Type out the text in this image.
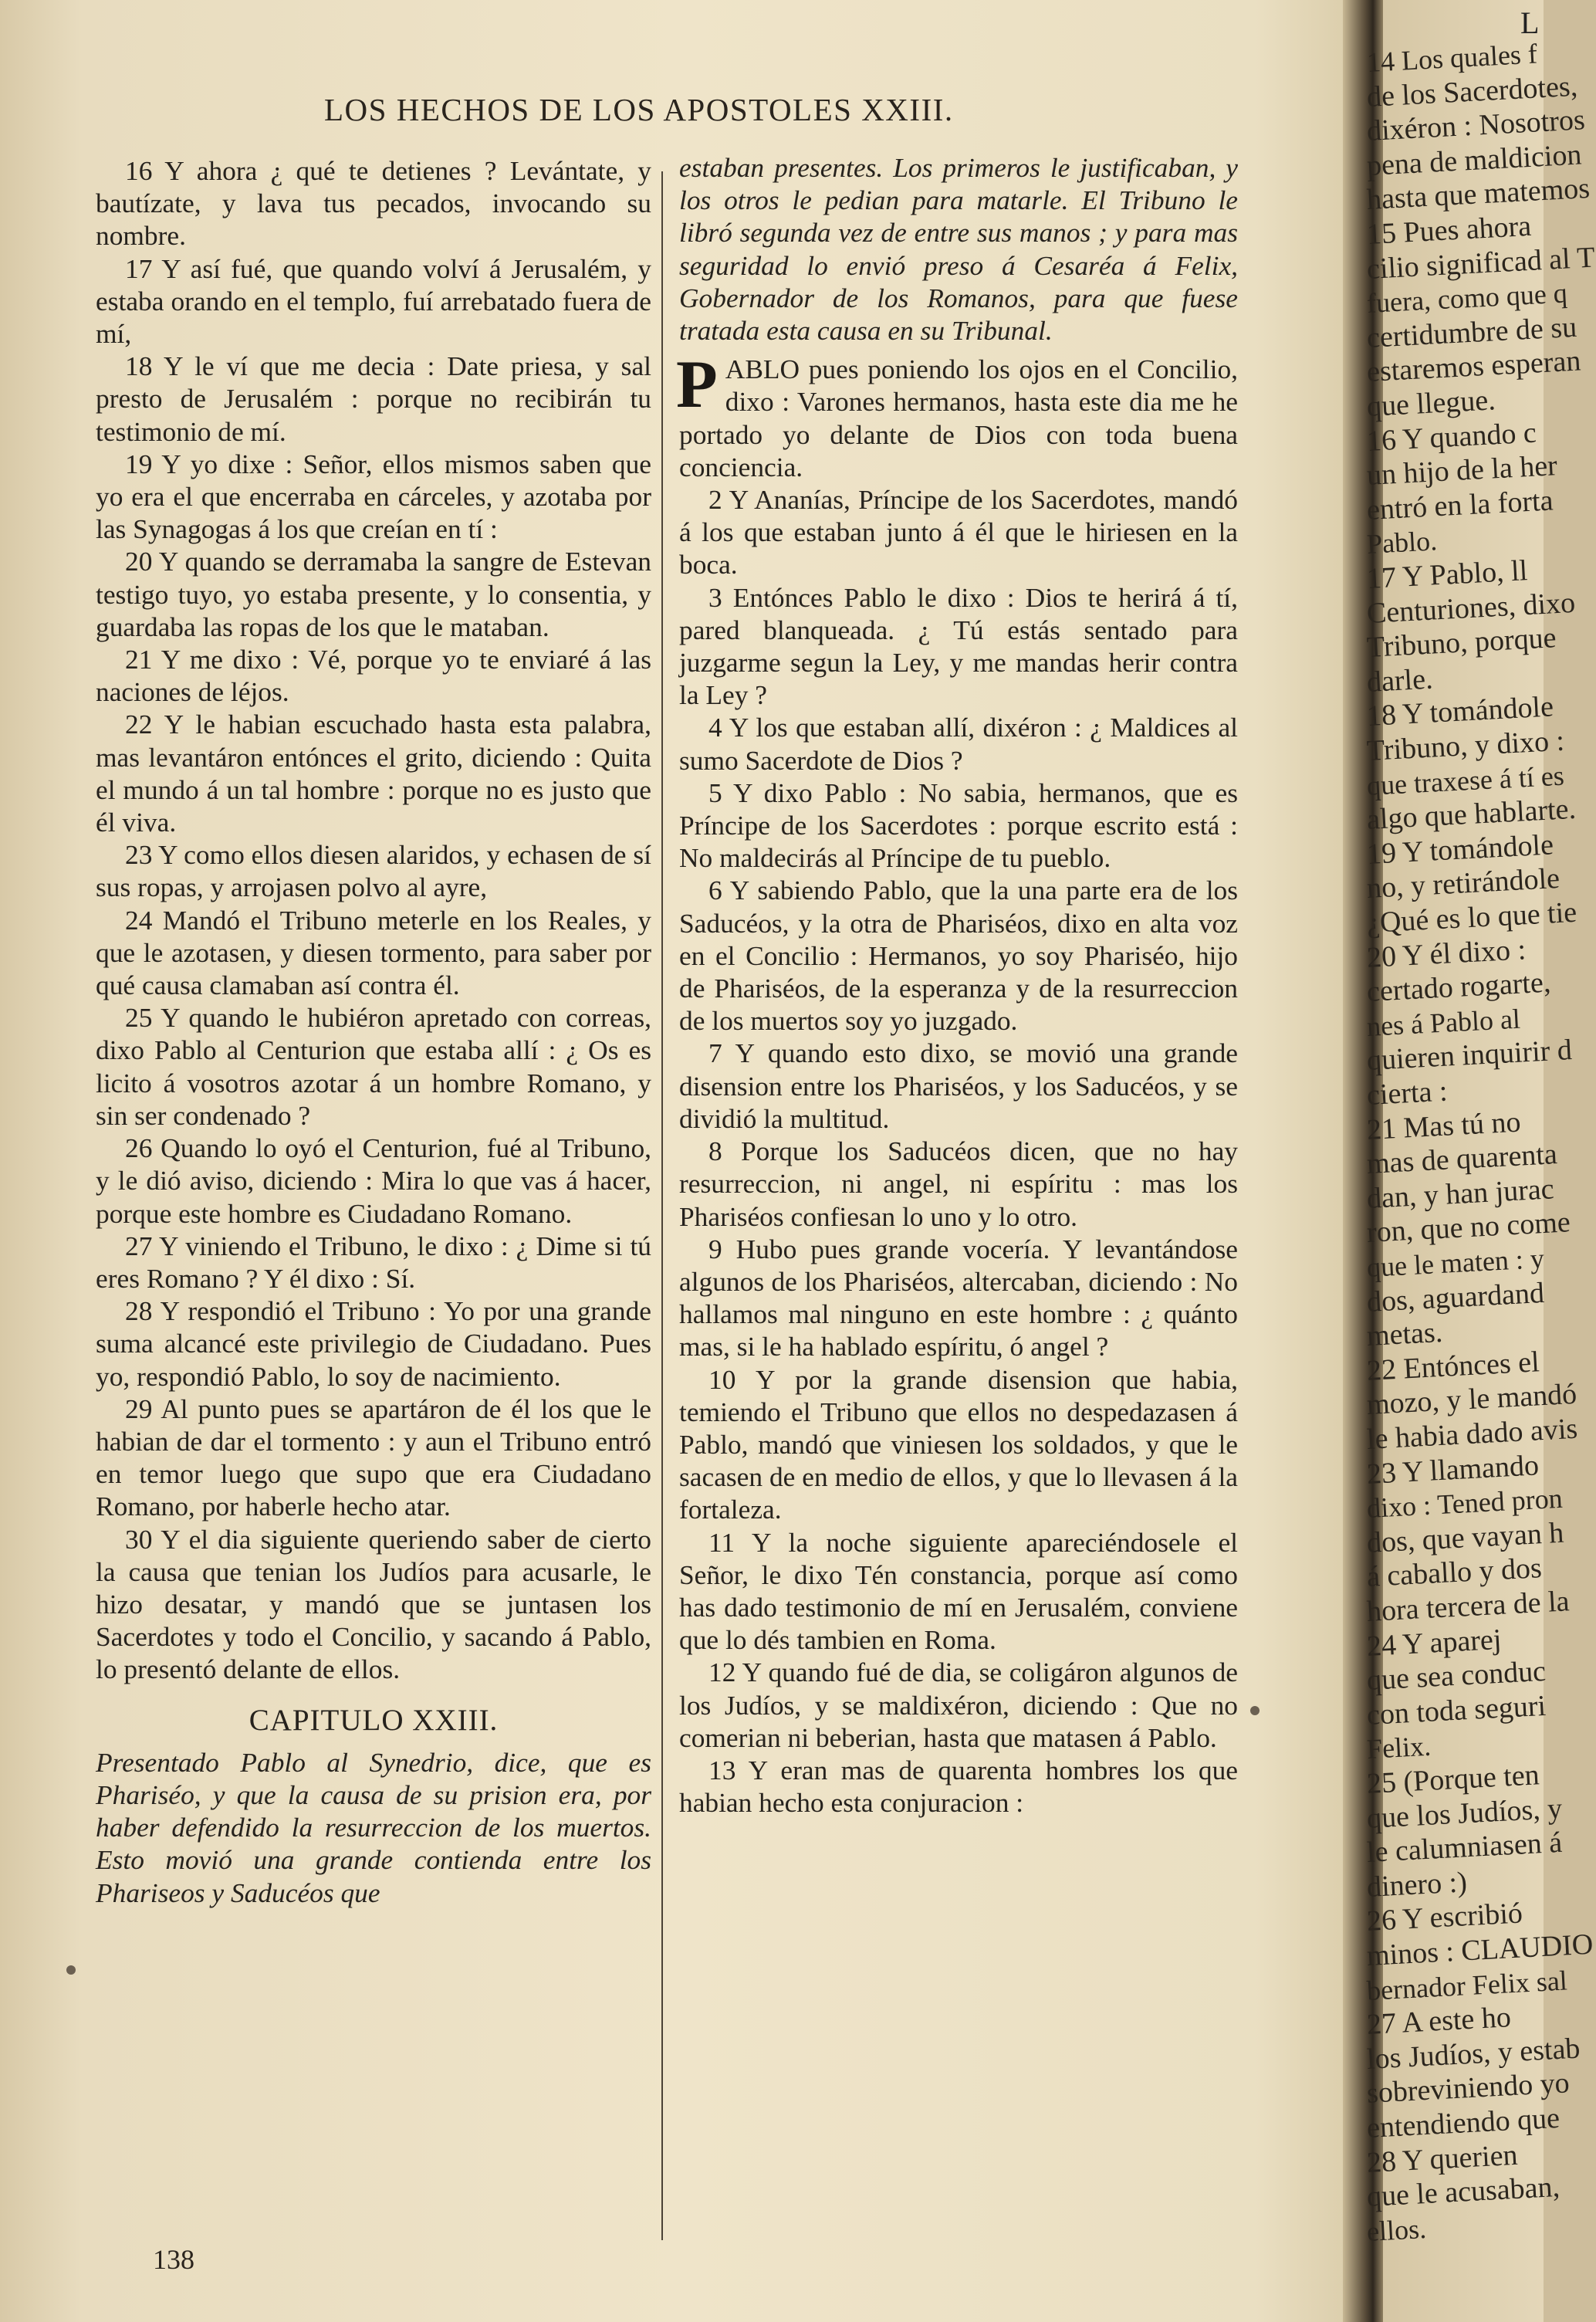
LOS HECHOS DE LOS APOSTOLES XXIII.

16 Y ahora ¿ qué te detienes ? Levántate, y bautízate, y lava tus pecados, invocando su nombre.

17 Y así fué, que quando volví á Jerusalém, y estaba orando en el templo, fuí arrebatado fuera de mí,

18 Y le ví que me decia : Date priesa, y sal presto de Jerusalém : porque no recibirán tu testimonio de mí.

19 Y yo dixe : Señor, ellos mismos saben que yo era el que encerraba en cárceles, y azotaba por las Synagogas á los que creían en tí :

20 Y quando se derramaba la sangre de Estevan testigo tuyo, yo estaba presente, y lo consentia, y guardaba las ropas de los que le mataban.

21 Y me dixo : Vé, porque yo te enviaré á las naciones de léjos.

22 Y le habian escuchado hasta esta palabra, mas levantáron entónces el grito, diciendo : Quita el mundo á un tal hombre : porque no es justo que él viva.

23 Y como ellos diesen alaridos, y echasen de sí sus ropas, y arrojasen polvo al ayre,

24 Mandó el Tribuno meterle en los Reales, y que le azotasen, y diesen tormento, para saber por qué causa clamaban así contra él.

25 Y quando le hubiéron apretado con correas, dixo Pablo al Centurion que estaba allí : ¿ Os es licito á vosotros azotar á un hombre Romano, y sin ser condenado ?

26 Quando lo oyó el Centurion, fué al Tribuno, y le dió aviso, diciendo : Mira lo que vas á hacer, porque este hombre es Ciudadano Romano.

27 Y viniendo el Tribuno, le dixo : ¿ Dime si tú eres Romano ? Y él dixo : Sí.

28 Y respondió el Tribuno : Yo por una grande suma alcancé este privilegio de Ciudadano. Pues yo, respondió Pablo, lo soy de nacimiento.

29 Al punto pues se apartáron de él los que le habian de dar el tormento : y aun el Tribuno entró en temor luego que supo que era Ciudadano Romano, por haberle hecho atar.

30 Y el dia siguiente queriendo saber de cierto la causa que tenian los Judíos para acusarle, le hizo desatar, y mandó que se juntasen los Sacerdotes y todo el Concilio, y sacando á Pablo, lo presentó delante de ellos.

CAPITULO XXIII.

Presentado Pablo al Synedrio, dice, que es Phariséo, y que la causa de su prision era, por haber defendido la resurreccion de los muertos. Esto movió una grande contienda entre los Phariseos y Saducéos que

estaban presentes. Los primeros le justificaban, y los otros le pedian para matarle. El Tribuno le libró segunda vez de entre sus manos ; y para mas seguridad lo envió preso á Cesaréa á Felix, Gobernador de los Romanos, para que fuese tratada esta causa en su Tribunal.

PABLO pues poniendo los ojos en el Concilio, dixo : Varones hermanos, hasta este dia me he portado yo delante de Dios con toda buena conciencia.

2 Y Ananías, Príncipe de los Sacerdotes, mandó á los que estaban junto á él que le hiriesen en la boca.

3 Entónces Pablo le dixo : Dios te herirá á tí, pared blanqueada. ¿ Tú estás sentado para juzgarme segun la Ley, y me mandas herir contra la Ley ?

4 Y los que estaban allí, dixéron : ¿ Maldices al sumo Sacerdote de Dios ?

5 Y dixo Pablo : No sabia, hermanos, que es Príncipe de los Sacerdotes : porque escrito está : No maldecirás al Príncipe de tu pueblo.

6 Y sabiendo Pablo, que la una parte era de los Saducéos, y la otra de Phariséos, dixo en alta voz en el Concilio : Hermanos, yo soy Phariséo, hijo de Phariséos, de la esperanza y de la resurreccion de los muertos soy yo juzgado.

7 Y quando esto dixo, se movió una grande disension entre los Phariséos, y los Saducéos, y se dividió la multitud.

8 Porque los Saducéos dicen, que no hay resurreccion, ni angel, ni espíritu : mas los Phariséos confiesan lo uno y lo otro.

9 Hubo pues grande vocería. Y levantándose algunos de los Phariséos, altercaban, diciendo : No hallamos mal ninguno en este hombre : ¿ quánto mas, si le ha hablado espíritu, ó angel ?

10 Y por la grande disension que habia, temiendo el Tribuno que ellos no despedazasen á Pablo, mandó que viniesen los soldados, y que le sacasen de en medio de ellos, y que lo llevasen á la fortaleza.

11 Y la noche siguiente apareciéndosele el Señor, le dixo Tén constancia, porque así como has dado testimonio de mí en Jerusalém, conviene que lo dés tambien en Roma.

12 Y quando fué de dia, se coligáron algunos de los Judíos, y se maldixéron, diciendo : Que no comerian ni beberian, hasta que matasen á Pablo.

13 Y eran mas de quarenta hombres los que habian hecho esta conjuracion :

138
L
14 Los quales f
de los Sacerdotes,
dixéron : Nosotros
pena de maldicion
hasta que matemos
15 Pues ahora
cilio significad al T
fuera, como que q
certidumbre de su
estaremos esperan
que llegue.
16 Y quando c
un hijo de la her
entró en la forta
Pablo.
17 Y Pablo, ll
Centuriones, dixo
Tribuno, porque
darle.
18 Y tomándole
Tribuno, y dixo :
que traxese á tí es
algo que hablarte.
19 Y tomándole
no, y retirándole
¿Qué es lo que tie
20 Y él dixo :
certado rogarte,
nes á Pablo al
quieren inquirir d
cierta :
21 Mas tú no
mas de quarenta
dan, y han jurac
ron, que no come
que le maten : y
dos, aguardand
metas.
22 Entónces el
mozo, y le mandó
le habia dado avis
23 Y llamando
dixo : Tened pron
dos, que vayan h
á caballo y dos
hora tercera de la
24 Y aparej
que sea conduc
con toda seguri
Felix.
25 (Porque ten
que los Judíos, y
le calumniasen á
dinero :)
26 Y escribió
minos : CLAUDIO
bernador Felix sal
27 A este ho
los Judíos, y estab
sobreviniendo yo
entendiendo que
28 Y querien
que le acusaban,
ellos.
